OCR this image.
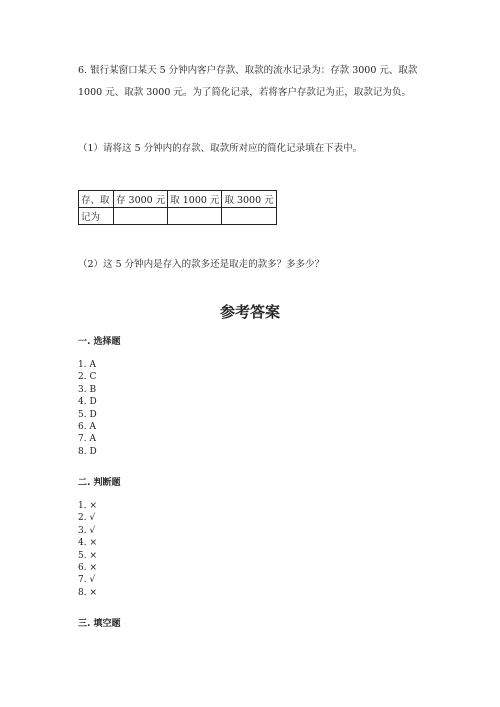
6. 银行某窗口某天 5 分钟内客户存款、取款的流水记录为：存款 3000 元、取款
1000 元、取款 3000 元。为了简化记录，若将客户存款记为正，取款记为负。
（1）请将这 5 分钟内的存款、取款所对应的简化记录填在下表中。
存、取	存 3000 元	取 1000 元	取 3000 元
记为			
（2）这 5 分钟内是存入的款多还是取走的款多？多多少？
参考答案
一. 选择题
1. A
2. C
3. B
4. D
5. D
6. A
7. A
8. D
二. 判断题
1. ×
2. √
3. √
4. ×
5. ×
6. ×
7. √
8. ×
三. 填空题
